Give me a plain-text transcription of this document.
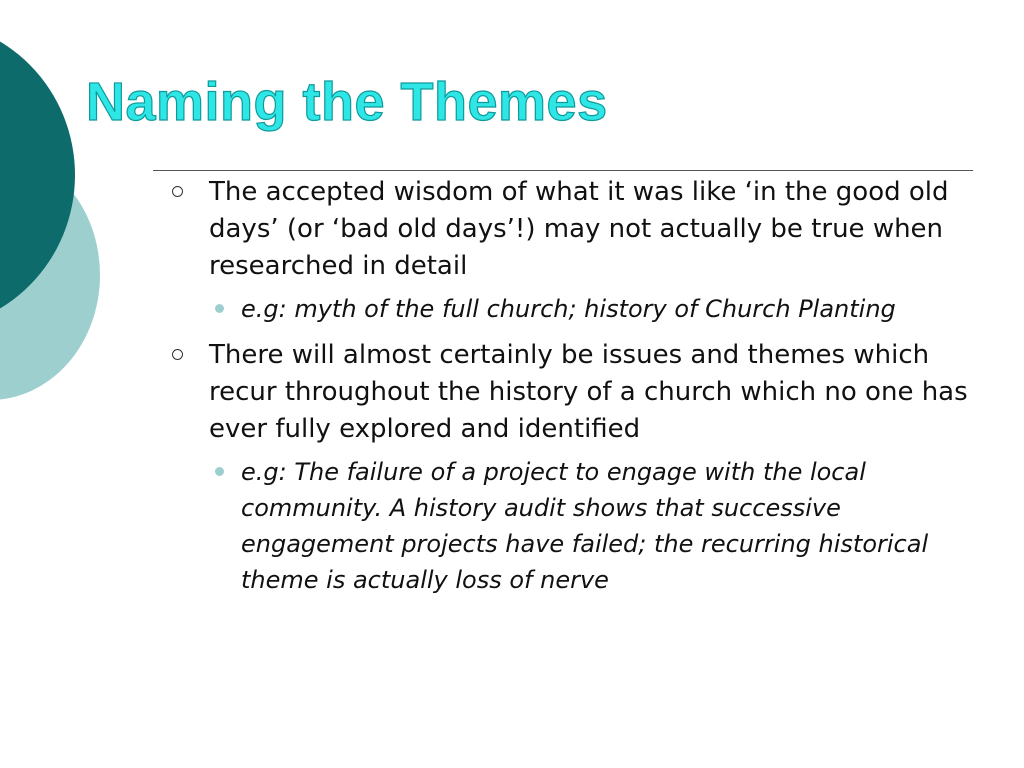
Naming the Themes
The accepted wisdom of what it was like ‘in the good old days’ (or ‘bad old days’!) may not actually be true when researched in detail
e.g: myth of the full church; history of Church Planting
There will almost certainly be issues and themes which recur throughout the history of a church which no one has ever fully explored and identified
e.g: The failure of a project to engage with the local community. A history audit shows that successive engagement projects have failed; the recurring historical theme is actually loss of nerve
